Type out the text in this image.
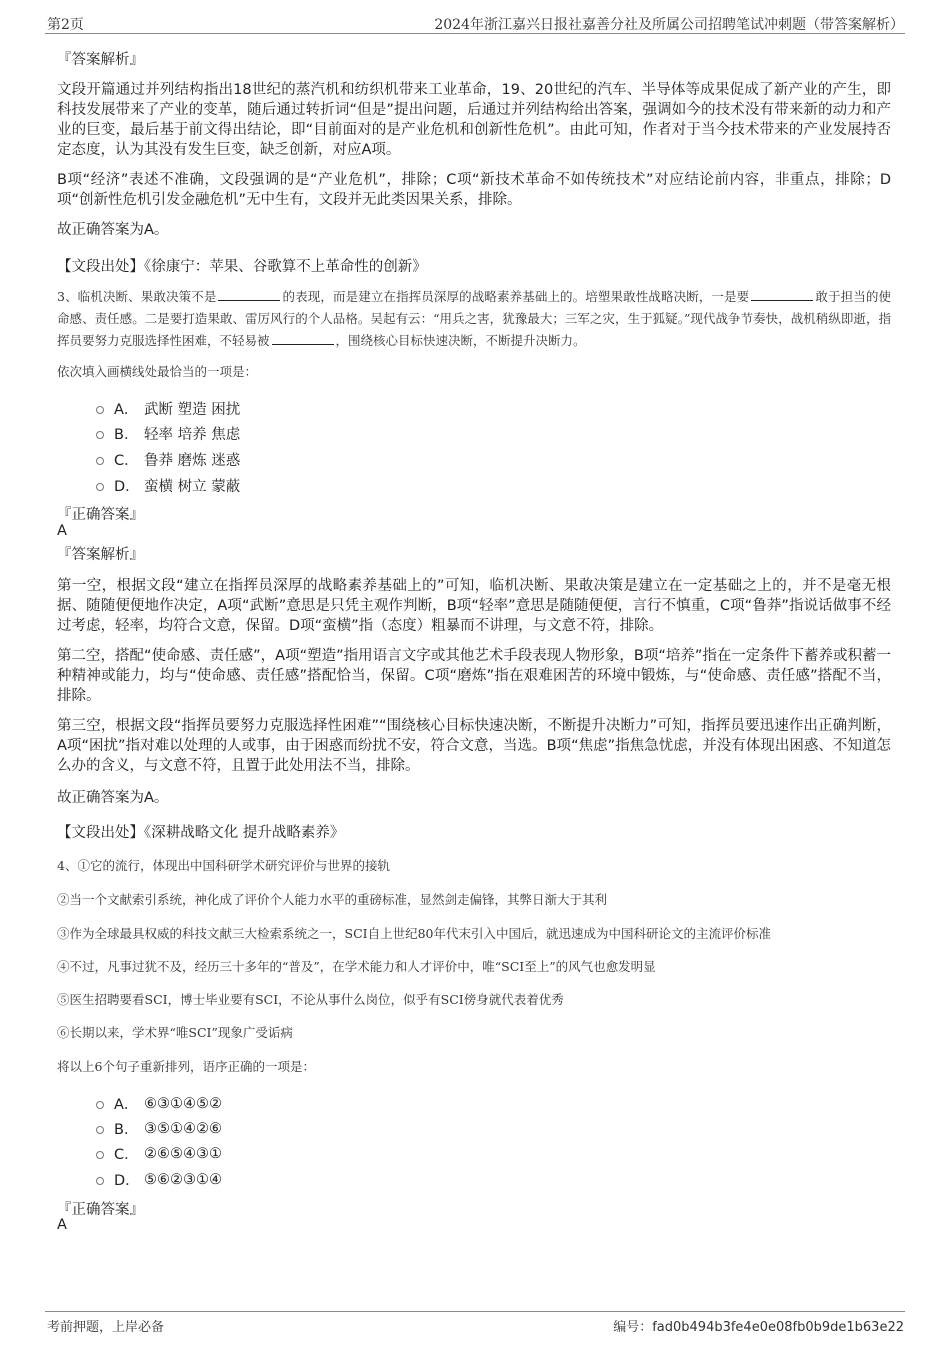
第2页	2024年浙江嘉兴日报社嘉善分社及所属公司招聘笔试冲刺题（带答案解析）
『答案解析』
文段开篇通过并列结构指出18世纪的蒸汽机和纺织机带来工业革命，19、20世纪的汽车、半导体等成果促成了新产业的产生，即科技发展带来了产业的变革，随后通过转折词“但是”提出问题，后通过并列结构给出答案，强调如今的技术没有带来新的动力和产业的巨变，最后基于前文得出结论，即“目前面对的是产业危机和创新性危机”。由此可知，作者对于当今技术带来的产业发展持否定态度，认为其没有发生巨变，缺乏创新，对应A项。
B项“经济”表述不准确，文段强调的是“产业危机”，排除；C项“新技术革命不如传统技术”对应结论前内容，非重点，排除；D项“创新性危机引发金融危机”无中生有，文段并无此类因果关系，排除。
故正确答案为A。
【文段出处】《徐康宁：苹果、谷歌算不上革命性的创新》
3、临机决断、果敢决策不是	的表现，而是建立在指挥员深厚的战略素养基础上的。培塑果敢性战略决断，一是要	敢于担当的使命感、责任感。二是要打造果敢、雷厉风行的个人品格。吴起有云：“用兵之害，犹豫最大；三军之灾，生于狐疑。”现代战争节奏快，战机稍纵即逝，指挥员要努力克服选择性困难，不轻易被	，围绕核心目标快速决断，不断提升决断力。
依次填入画横线处最恰当的一项是：
A． 武断 塑造 困扰
B． 轻率 培养 焦虑
C． 鲁莽 磨炼 迷惑
D． 蛮横 树立 蒙蔽
『正确答案』
A
『答案解析』
第一空，根据文段“建立在指挥员深厚的战略素养基础上的”可知，临机决断、果敢决策是建立在一定基础之上的，并不是毫无根据、随随便便地作决定，A项“武断”意思是只凭主观作判断，B项“轻率”意思是随随便便，言行不慎重，C项“鲁莽”指说话做事不经过考虑，轻率，均符合文意，保留。D项“蛮横”指（态度）粗暴而不讲理，与文意不符，排除。
第二空，搭配“使命感、责任感”，A项“塑造”指用语言文字或其他艺术手段表现人物形象，B项“培养”指在一定条件下蓄养或积蓄一种精神或能力，均与“使命感、责任感”搭配恰当，保留。C项“磨炼”指在艰难困苦的环境中锻炼，与“使命感、责任感”搭配不当，排除。
第三空，根据文段“指挥员要努力克服选择性困难”“围绕核心目标快速决断，不断提升决断力”可知，指挥员要迅速作出正确判断，A项“困扰”指对难以处理的人或事，由于困惑而纷扰不安，符合文意，当选。B项“焦虑”指焦急忧虑，并没有体现出困惑、不知道怎么办的含义，与文意不符，且置于此处用法不当，排除。
故正确答案为A。
【文段出处】《深耕战略文化 提升战略素养》
4、①它的流行，体现出中国科研学术研究评价与世界的接轨
②当一个文献索引系统，神化成了评价个人能力水平的重磅标准，显然剑走偏锋，其弊日渐大于其利
③作为全球最具权威的科技文献三大检索系统之一，SCI自上世纪80年代末引入中国后，就迅速成为中国科研论文的主流评价标准
④不过，凡事过犹不及，经历三十多年的“普及”，在学术能力和人才评价中，唯“SCI至上”的风气也愈发明显
⑤医生招聘要看SCI，博士毕业要有SCI，不论从事什么岗位，似乎有SCI傍身就代表着优秀
⑥长期以来，学术界“唯SCI”现象广受诟病
将以上6个句子重新排列，语序正确的一项是：
A． ⑥③①④⑤②
B． ③⑤①④②⑥
C． ②⑥⑤④③①
D． ⑤⑥②③①④
『正确答案』
A
考前押题，上岸必备	编号：fad0b494b3fe4e0e08fb0b9de1b63e22
